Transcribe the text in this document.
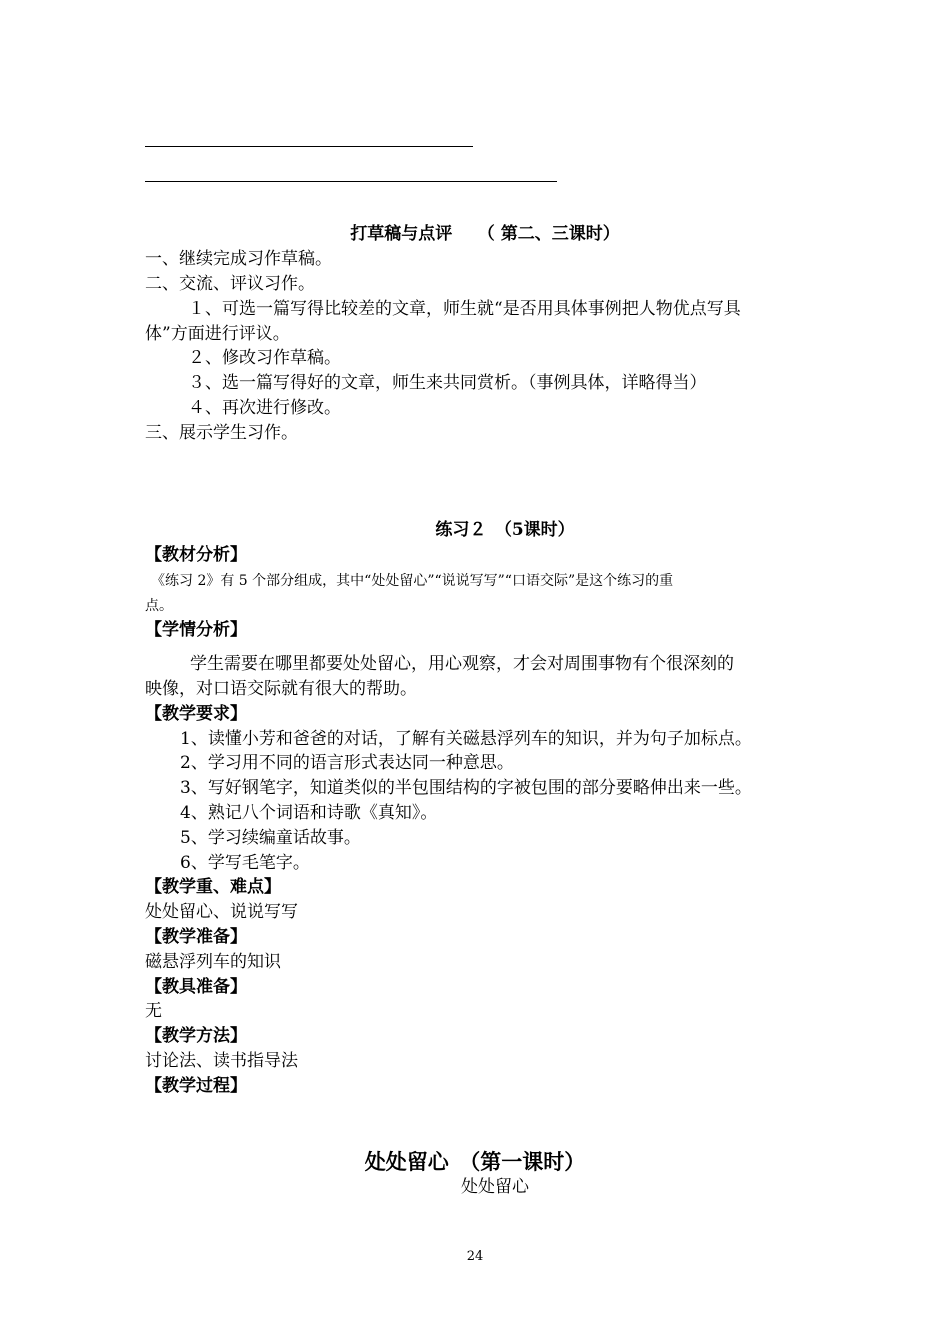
打草稿与点评　　（ 第二、三课时）
一、继续完成习作草稿。
二、交流、评议习作。
１、可选一篇写得比较差的文章，师生就“是否用具体事例把人物优点写具
体”方面进行评议。
２、修改习作草稿。
３、选一篇写得好的文章，师生来共同赏析。（事例具体，详略得当）
４、再次进行修改。
三、展示学生习作。
练习２　（5课时）
【教材分析】
《练习 2》有 5 个部分组成，其中“处处留心”“说说写写”“口语交际”是这个练习的重
点。
【学情分析】
学生需要在哪里都要处处留心，用心观察，才会对周围事物有个很深刻的
映像，对口语交际就有很大的帮助。
【教学要求】
1、读懂小芳和爸爸的对话，了解有关磁悬浮列车的知识，并为句子加标点。
2、学习用不同的语言形式表达同一种意思。
3、写好钢笔字，知道类似的半包围结构的字被包围的部分要略伸出来一些。
4、熟记八个词语和诗歌《真知》。
5、学习续编童话故事。
6、学写毛笔字。
【教学重、难点】
处处留心、说说写写
【教学准备】
磁悬浮列车的知识
【教具准备】
无
【教学方法】
讨论法、读书指导法
【教学过程】
处处留心　（第一课时）
处处留心
24
